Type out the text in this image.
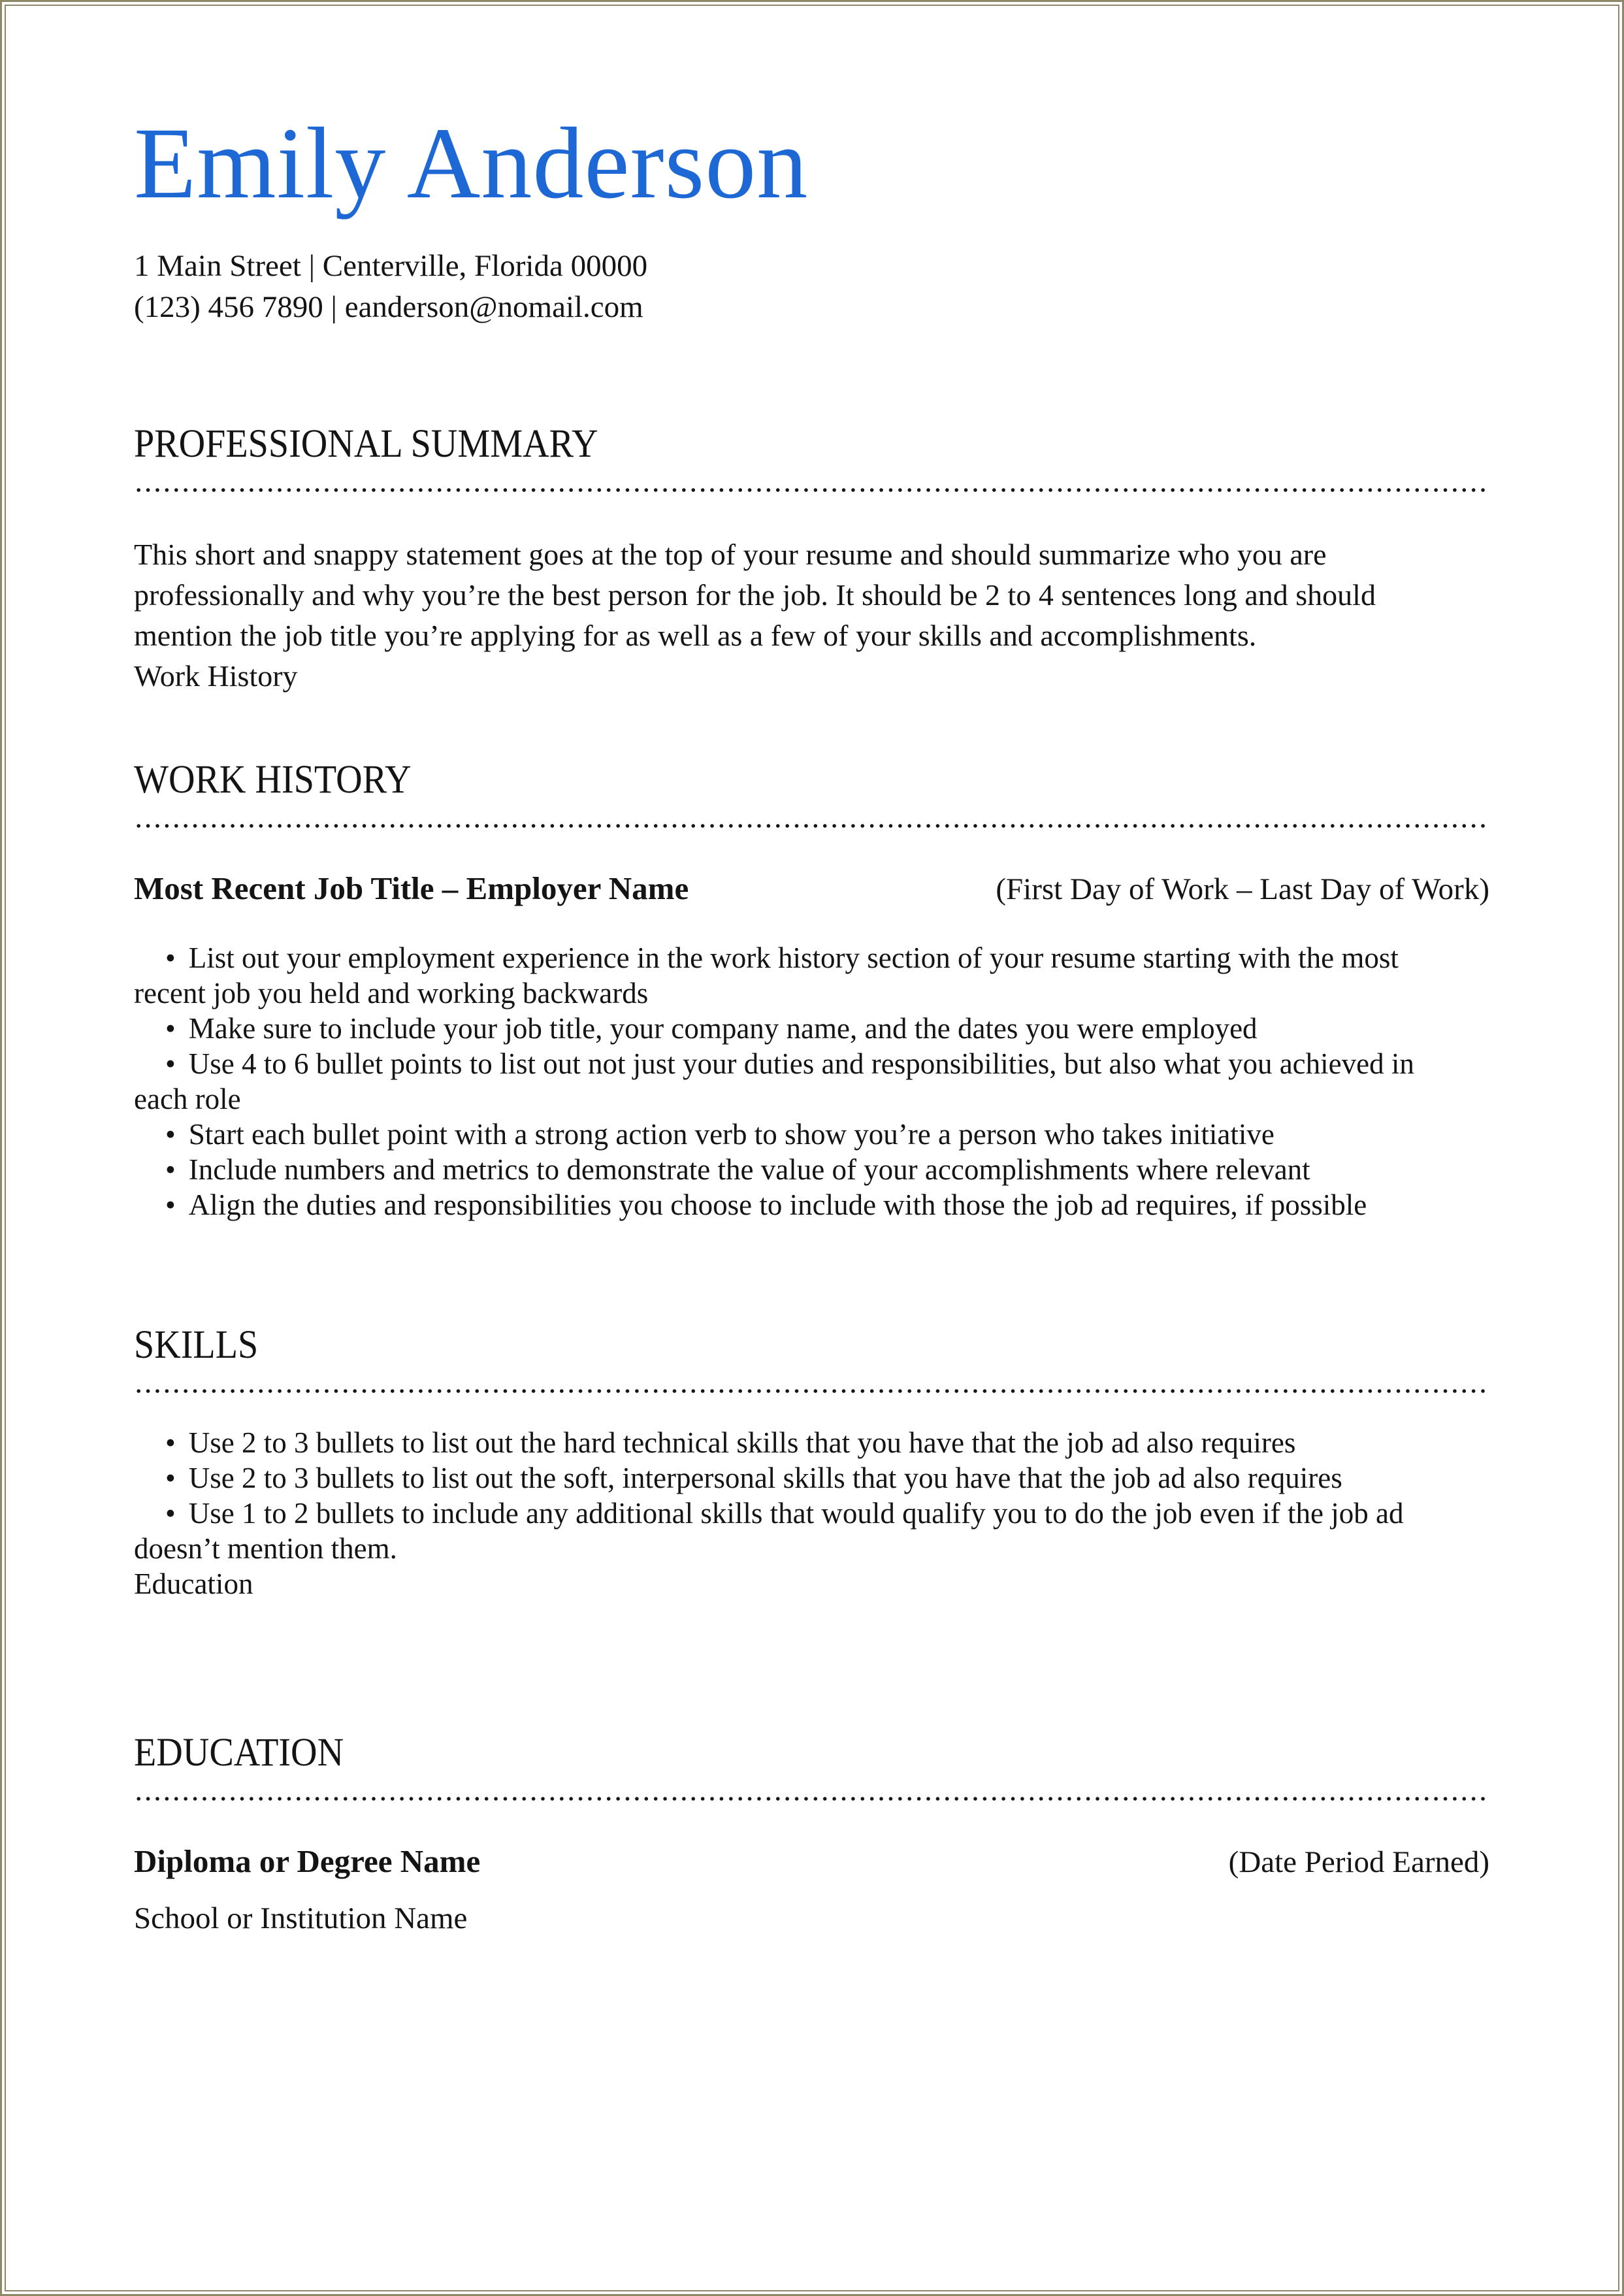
Emily Anderson
1 Main Street | Centerville, Florida 00000
(123) 456 7890 | eanderson@nomail.com
PROFESSIONAL SUMMARY

This short and snappy statement goes at the top of your resume and should summarize who you are professionally and why you’re the best person for the job. It should be 2 to 4 sentences long and should mention the job title you’re applying for as well as a few of your skills and accomplishments.

Work History

WORK HISTORY
Most Recent Job Title – Employer Name	(First Day of Work – Last Day of Work)
• List out your employment experience in the work history section of your resume starting with the most recent job you held and working backwards
• Make sure to include your job title, your company name, and the dates you were employed
• Use 4 to 6 bullet points to list out not just your duties and responsibilities, but also what you achieved in each role
• Start each bullet point with a strong action verb to show you’re a person who takes initiative
• Include numbers and metrics to demonstrate the value of your accomplishments where relevant
• Align the duties and responsibilities you choose to include with those the job ad requires, if possible
SKILLS
• Use 2 to 3 bullets to list out the hard technical skills that you have that the job ad also requires
• Use 2 to 3 bullets to list out the soft, interpersonal skills that you have that the job ad also requires
• Use 1 to 2 bullets to include any additional skills that would qualify you to do the job even if the job ad doesn’t mention them.

Education

EDUCATION
Diploma or Degree Name	(Date Period Earned)

School or Institution Name
